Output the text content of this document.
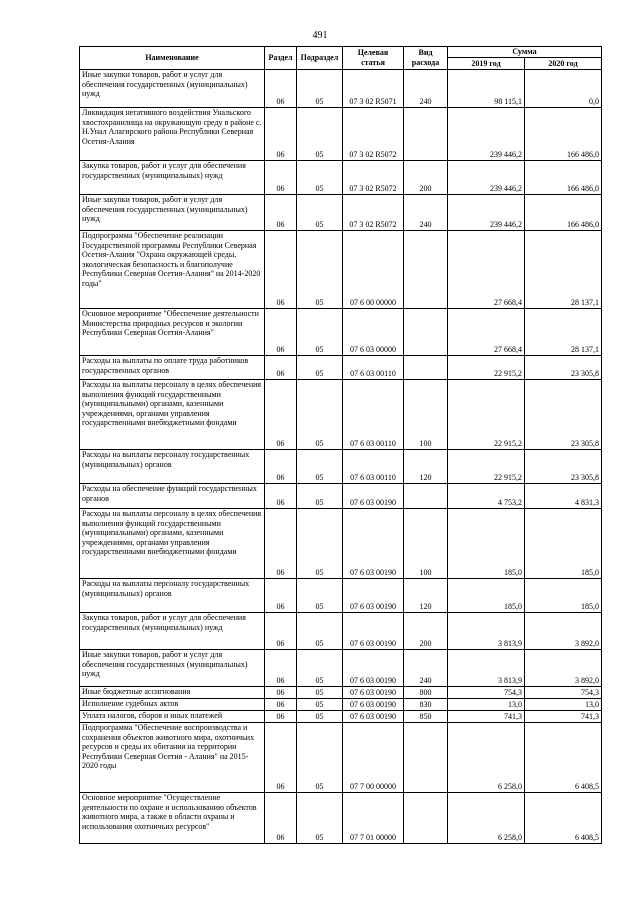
491
Наименование	Раздел	Подраздел	Целевая статья	Вид расхода	Сумма	
					2019 год	2020 год
Иные закупки товаров, работ и услуг для обеспечения государственных (муниципальных) нужд	06	05	07 3 02 R5071	240	98 115,1	0,0
Ликвидация негативного воздействия Унальского хвостохранилища на окружающую среду в районе с. Н.Унал Алагирского района Республики Северная Осетия-Алания	06	05	07 3 02 R5072		239 446,2	166 486,0
Закупка товаров, работ и услуг для обеспечения государственных (муниципальных) нужд	06	05	07 3 02 R5072	200	239 446,2	166 486,0
Иные закупки товаров, работ и услуг для обеспечения государственных (муниципальных) нужд	06	05	07 3 02 R5072	240	239 446,2	166 486,0
Подпрограмма "Обеспечение реализации Государственной программы Республики Северная Осетия-Алания "Охрана окружающей среды, экологическая безопасность и благополучие Республики Северная Осетия-Алания" на 2014-2020 годы"	06	05	07 6 00 00000		27 668,4	28 137,1
Основное мероприятие "Обеспечение деятельности Министерства природных ресурсов и экологии Республики Северная Осетия-Алания"	06	05	07 6 03 00000		27 668,4	28 137,1
Расходы на выплаты по оплате труда работников государственных органов	06	05	07 6 03 00110		22 915,2	23 305,8
Расходы на выплаты персоналу в целях обеспечения выполнения функций государственными (муниципальными) органами, казенными учреждениями, органами управления государственными внебюджетными фондами	06	05	07 6 03 00110	100	22 915,2	23 305,8
Расходы на выплаты персоналу государственных (муниципальных) органов	06	05	07 6 03 00110	120	22 915,2	23 305,8
Расходы на обеспечение функций государственных органов	06	05	07 6 03 00190		4 753,2	4 831,3
Расходы на выплаты персоналу в целях обеспечения выполнения функций государственными (муниципальными) органами, казенными учреждениями, органами управления государственными внебюджетными фондами	06	05	07 6 03 00190	100	185,0	185,0
Расходы на выплаты персоналу государственных (муниципальных) органов	06	05	07 6 03 00190	120	185,0	185,0
Закупка товаров, работ и услуг для обеспечения государственных (муниципальных) нужд	06	05	07 6 03 00190	200	3 813,9	3 892,0
Иные закупки товаров, работ и услуг для обеспечения государственных (муниципальных) нужд	06	05	07 6 03 00190	240	3 813,9	3 892,0
Иные бюджетные ассигнования	06	05	07 6 03 00190	800	754,3	754,3
Исполнение судебных актов	06	05	07 6 03 00190	830	13,0	13,0
Уплата налогов, сборов и иных платежей	06	05	07 6 03 00190	850	741,3	741,3
Подпрограмма "Обеспечение воспроизводства и сохранения объектов животного мира, охотничьих ресурсов и среды их обитания на территории Республики Северная Осетия - Алания" на 2015-2020 годы	06	05	07 7 00 00000		6 258,0	6 408,5
Основное мероприятие "Осуществление деятельности по охране и использованию объектов животного мира, а также в области охраны и использования охотничьих ресурсов"	06	05	07 7 01 00000		6 258,0	6 408,5
